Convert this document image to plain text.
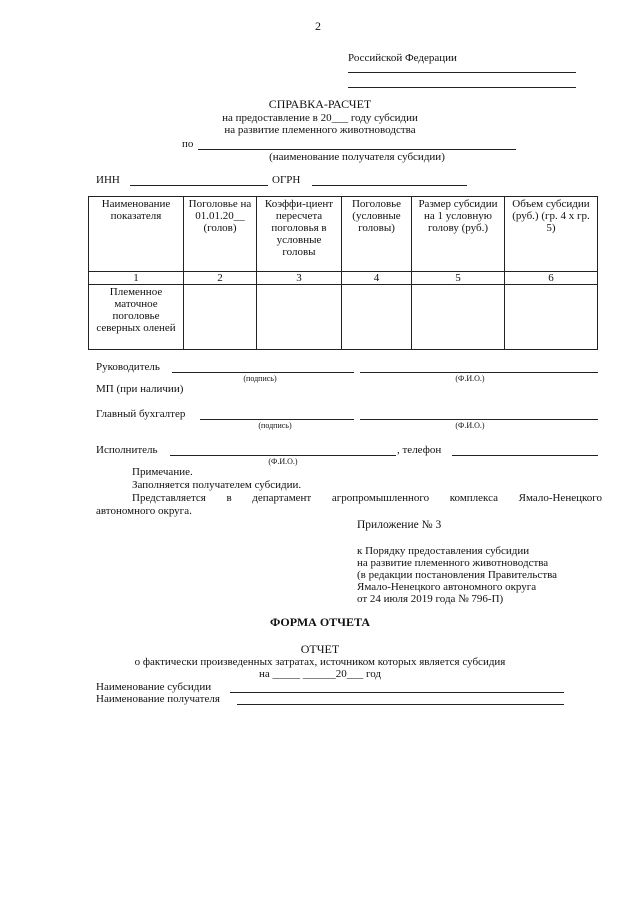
2
Российской Федерации
СПРАВКА-РАСЧЕТ
на предоставление в 20___ году субсидии
на развитие племенного животноводства
по
(наименование получателя субсидии)
ИНН	ОГРН
Наименование показателя	Поголовье на 01.01.20__ (голов)	Коэффи-циент пересчета поголовья в условные головы	Поголовье (условные головы)	Размер субсидии на 1 условную голову (руб.)	Объем субсидии (руб.) (гр. 4 х гр. 5)
1	2	3	4	5	6
Племенное маточное поголовье северных оленей					
Руководитель
(подпись)	(Ф.И.О.)
МП (при наличии)
Главный бухгалтер
(подпись)	(Ф.И.О.)
Исполнитель	, телефон
(Ф.И.О.)
Примечание.
Заполняется получателем субсидии.
Представляется в департамент агропромышленного комплекса Ямало-Ненецкого
автономного округа.
Приложение № 3
к Порядку предоставления субсидии
на развитие племенного животноводства
(в редакции постановления Правительства
Ямало-Ненецкого автономного округа
от 24 июля 2019 года № 796-П)
ФОРМА ОТЧЕТА
ОТЧЕТ
о фактически произведенных затратах, источником которых является субсидия
на _____ ______20___ год
Наименование субсидии
Наименование получателя
